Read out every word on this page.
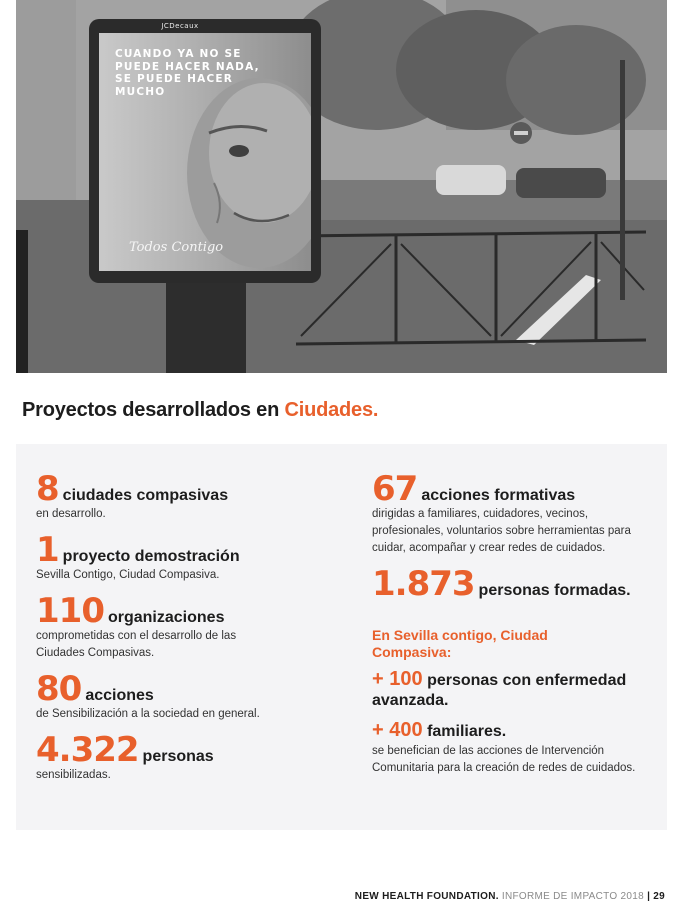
JCDecaux
CUANDO YA NO SE PUEDE HACER NADA, SE PUEDE HACER MUCHO
Todos Contigo
Proyectos desarrollados en Ciudades.
8 ciudades compasivas
en desarrollo.
1 proyecto demostración
Sevilla Contigo, Ciudad Compasiva.
110 organizaciones
comprometidas con el desarrollo de las Ciudades Compasivas.
80 acciones
de Sensibilización a la sociedad en general.
4.322 personas
sensibilizadas.
67 acciones formativas
dirigidas a familiares, cuidadores, vecinos, profesionales, voluntarios sobre herramientas para cuidar, acompañar y crear redes de cuidados.
1.873 personas formadas.
En Sevilla contigo, Ciudad Compasiva:
+ 100 personas con enfermedad avanzada.
+ 400 familiares.
se benefician de las acciones de Intervención Comunitaria para la creación de redes de cuidados.
NEW HEALTH FOUNDATION. INFORME DE IMPACTO 2018 | 29
